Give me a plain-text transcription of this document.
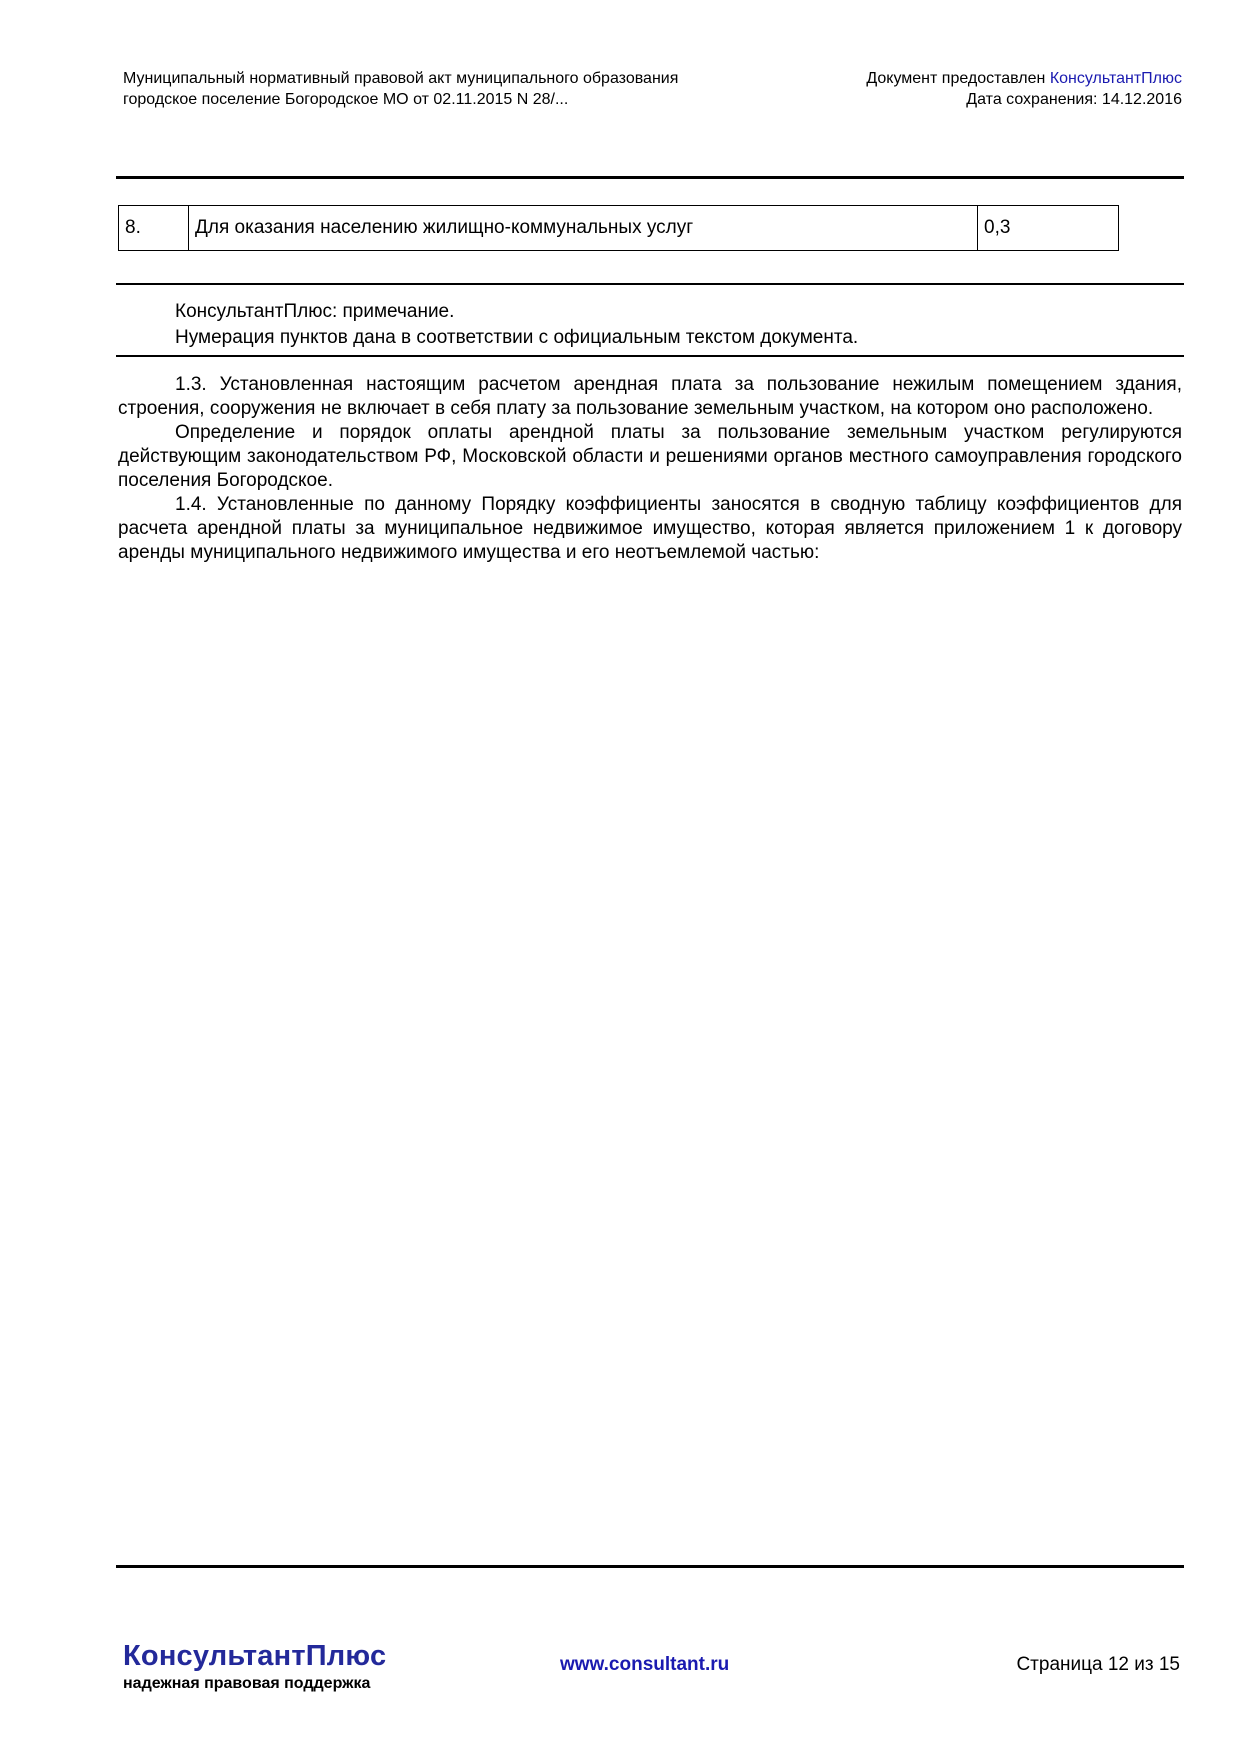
Муниципальный нормативный правовой акт муниципального образования
городское поселение Богородское МО от 02.11.2015 N 28/...
Документ предоставлен КонсультантПлюс
Дата сохранения: 14.12.2016
8.	Для оказания населению жилищно-коммунальных услуг	0,3
КонсультантПлюс: примечание.
Нумерация пунктов дана в соответствии с официальным текстом документа.

1.3. Установленная настоящим расчетом арендная плата за пользование нежилым помещением здания, строения, сооружения не включает в себя плату за пользование земельным участком, на котором оно расположено.

Определение и порядок оплаты арендной платы за пользование земельным участком регулируются действующим законодательством РФ, Московской области и решениями органов местного самоуправления городского поселения Богородское.

1.4. Установленные по данному Порядку коэффициенты заносятся в сводную таблицу коэффициентов для расчета арендной платы за муниципальное недвижимое имущество, которая является приложением 1 к договору аренды муниципального недвижимого имущества и его неотъемлемой частью:

КонсультантПлюс
надежная правовая поддержка
www.consultant.ru	Страница 12 из 15
